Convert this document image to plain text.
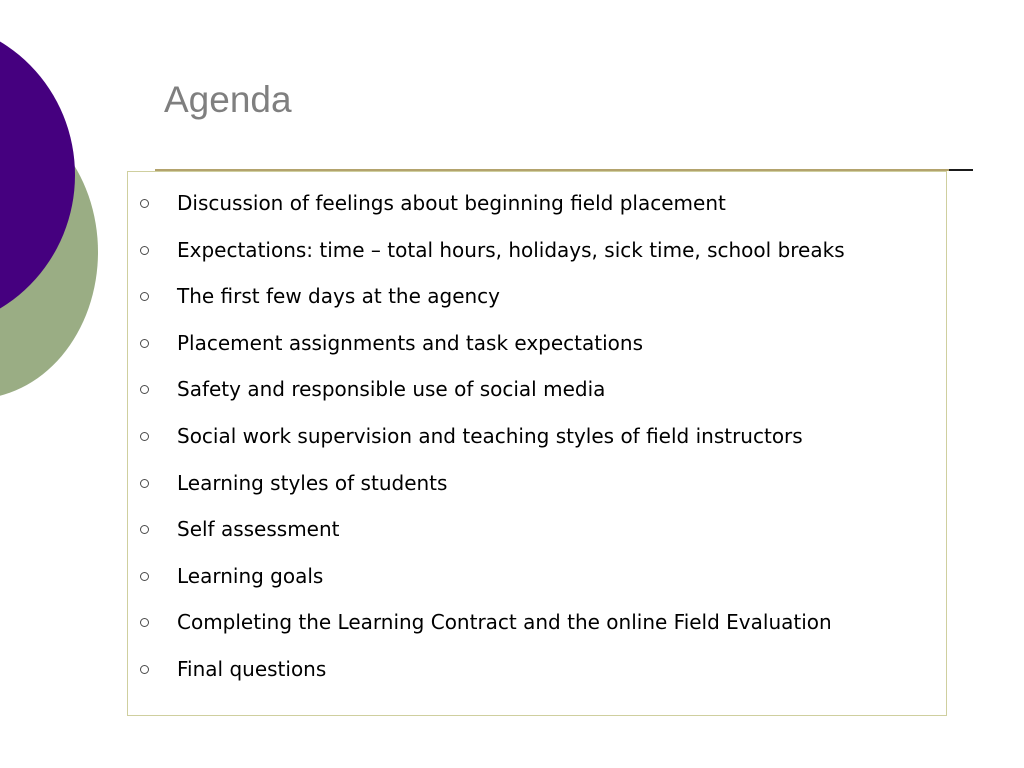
Agenda
Discussion of feelings about beginning field placement
Expectations: time – total hours, holidays, sick time, school breaks
The first few days at the agency
Placement assignments and task expectations
Safety and responsible use of social media
Social work supervision and teaching styles of field instructors
Learning styles of students
Self assessment
Learning goals
Completing the Learning Contract and the online Field Evaluation
Final questions
